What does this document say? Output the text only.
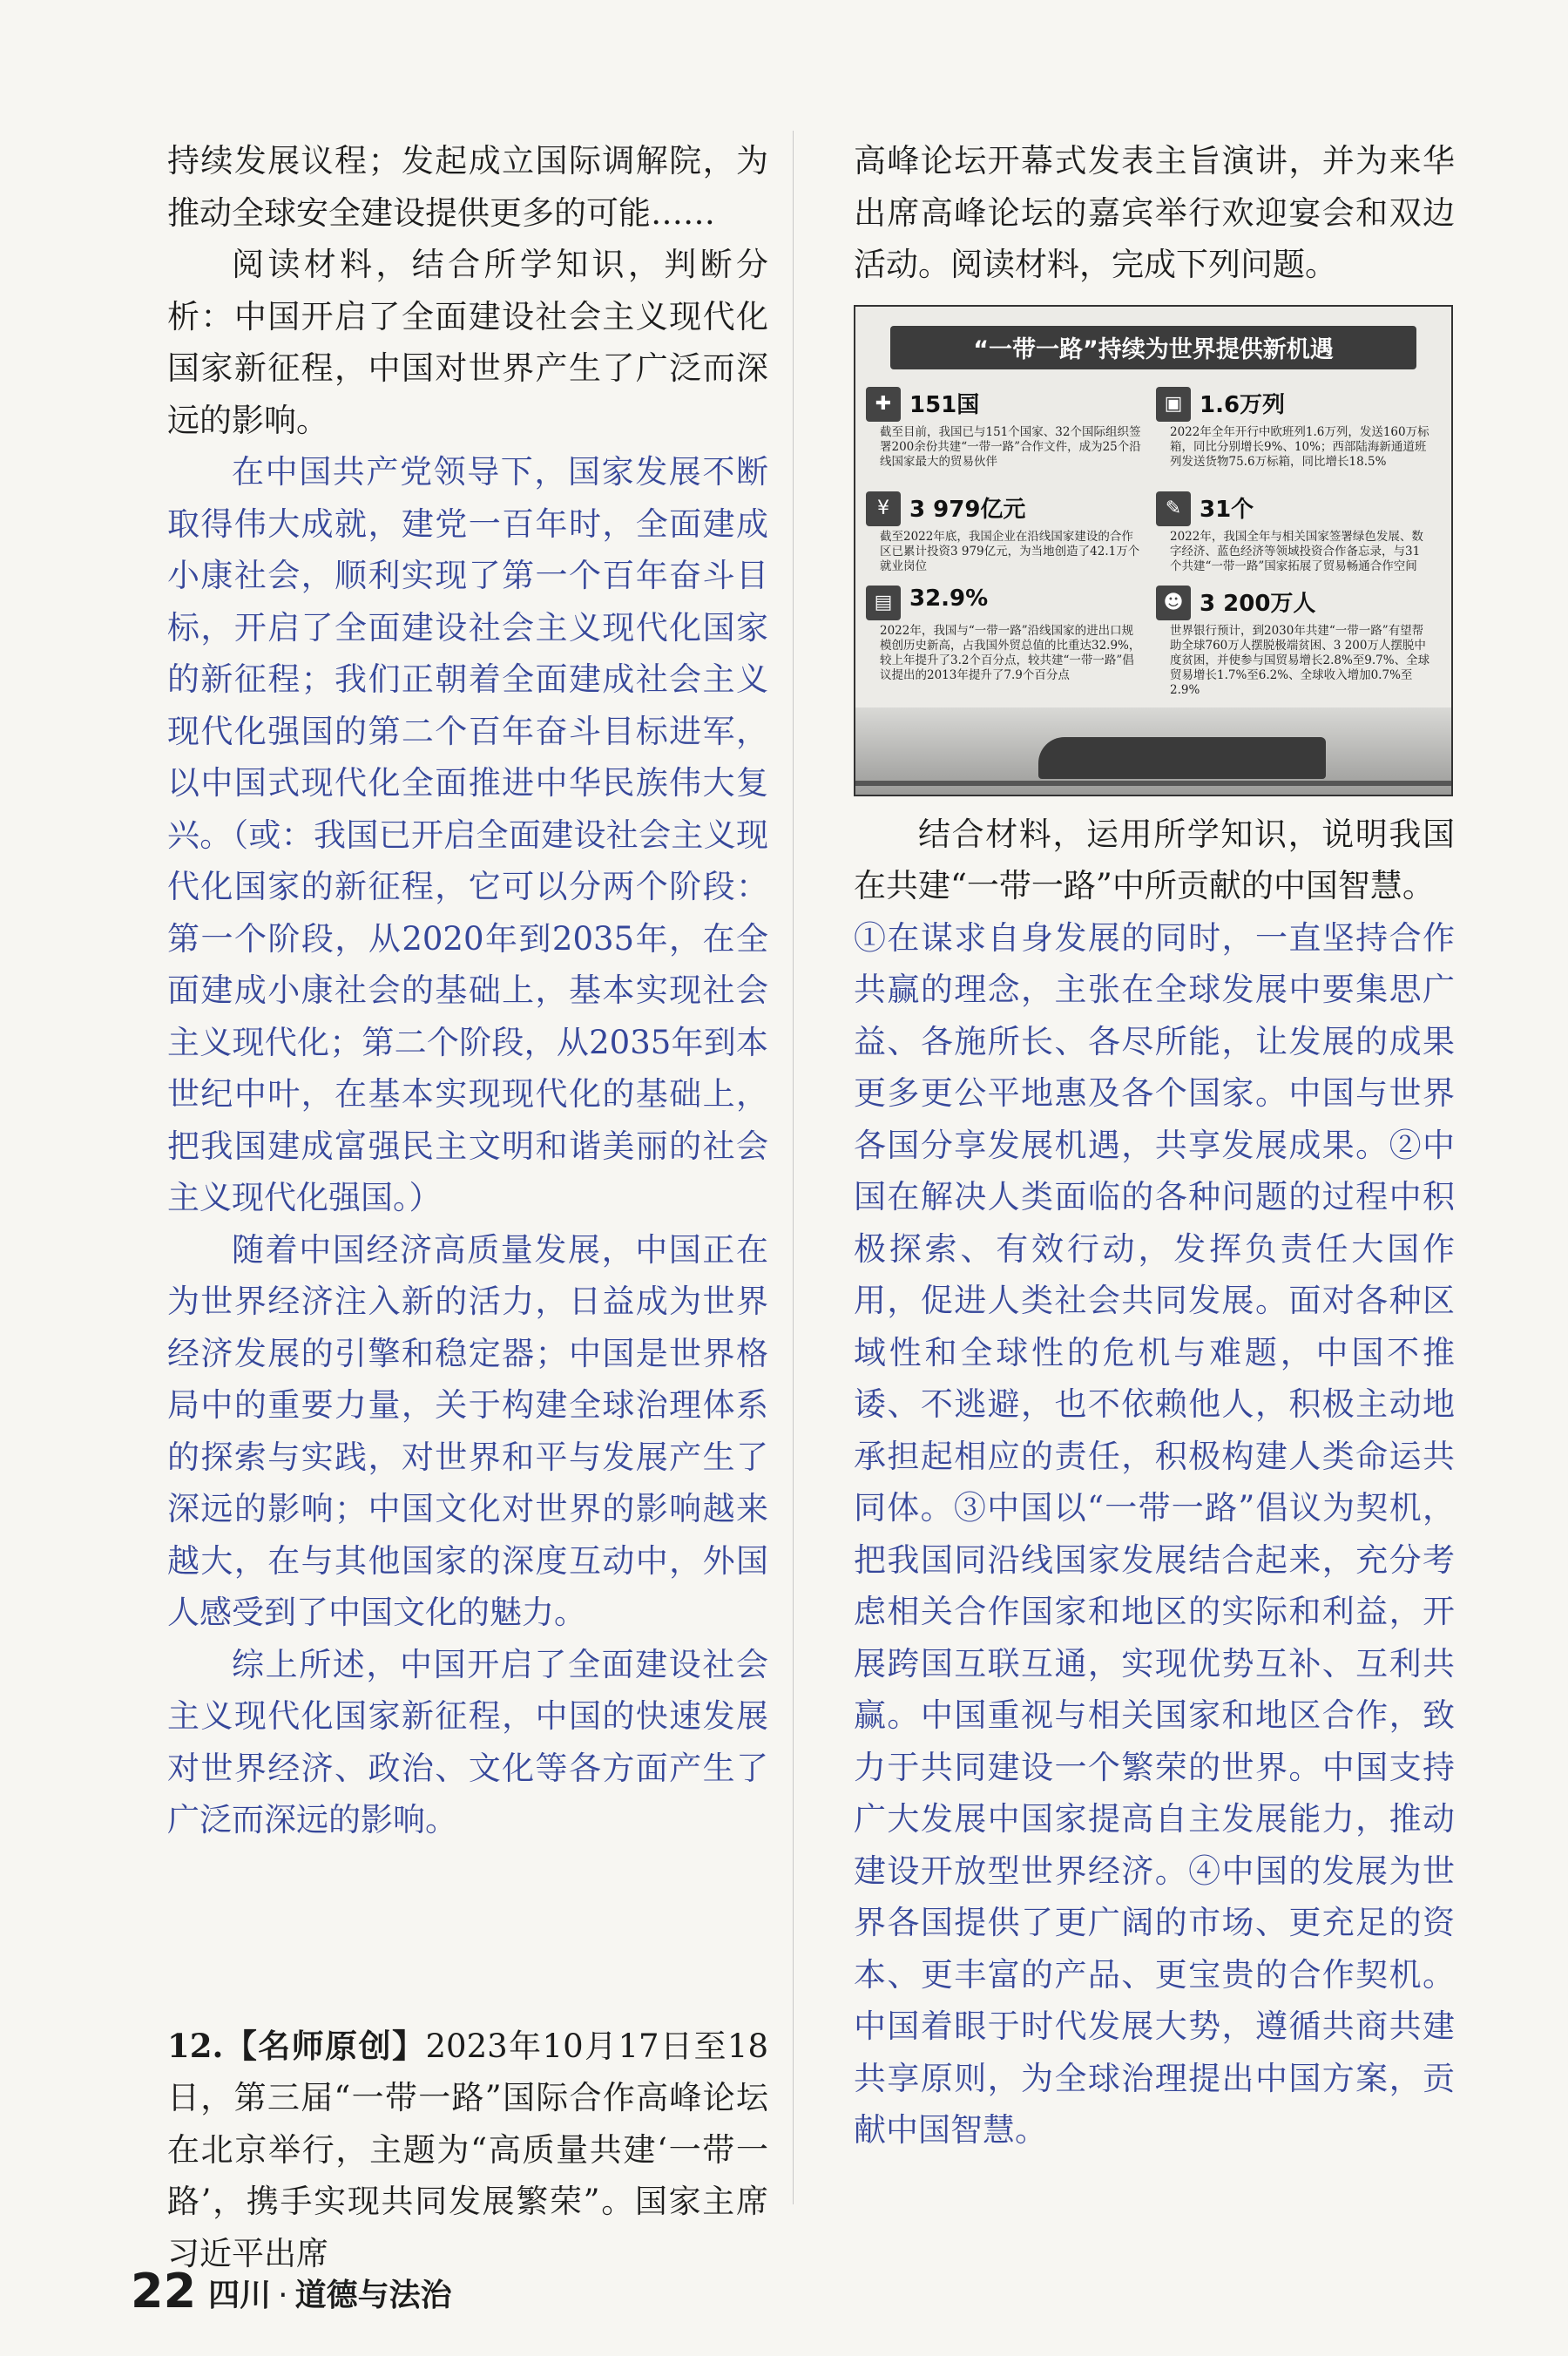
持续发展议程；发起成立国际调解院，为推动全球安全建设提供更多的可能……

阅读材料，结合所学知识，判断分析：中国开启了全面建设社会主义现代化国家新征程，中国对世界产生了广泛而深远的影响。

在中国共产党领导下，国家发展不断取得伟大成就，建党一百年时，全面建成小康社会，顺利实现了第一个百年奋斗目标，开启了全面建设社会主义现代化国家的新征程；我们正朝着全面建成社会主义现代化强国的第二个百年奋斗目标进军，以中国式现代化全面推进中华民族伟大复兴。（或：我国已开启全面建设社会主义现代化国家的新征程，它可以分两个阶段：第一个阶段，从2020年到2035年，在全面建成小康社会的基础上，基本实现社会主义现代化；第二个阶段，从2035年到本世纪中叶，在基本实现现代化的基础上，把我国建成富强民主文明和谐美丽的社会主义现代化强国。）

随着中国经济高质量发展，中国正在为世界经济注入新的活力，日益成为世界经济发展的引擎和稳定器；中国是世界格局中的重要力量，关于构建全球治理体系的探索与实践，对世界和平与发展产生了深远的影响；中国文化对世界的影响越来越大，在与其他国家的深度互动中，外国人感受到了中国文化的魅力。

综上所述，中国开启了全面建设社会主义现代化国家新征程，中国的快速发展对世界经济、政治、文化等各方面产生了广泛而深远的影响。

12.【名师原创】2023年10月17日至18日，第三届“一带一路”国际合作高峰论坛在北京举行，主题为“高质量共建‘一带一路’，携手实现共同发展繁荣”。国家主席习近平出席

高峰论坛开幕式发表主旨演讲，并为来华出席高峰论坛的嘉宾举行欢迎宴会和双边活动。阅读材料，完成下列问题。

“一带一路”持续为世界提供新机遇
✚ 151国
截至目前，我国已与151个国家、32个国际组织签署200余份共建“一带一路”合作文件，成为25个沿线国家最大的贸易伙伴
▣ 1.6万列
2022年全年开行中欧班列1.6万列，发送160万标箱，同比分别增长9%、10%；西部陆海新通道班列发送货物75.6万标箱，同比增长18.5%
¥ 3 979亿元
截至2022年底，我国企业在沿线国家建设的合作区已累计投资3 979亿元，为当地创造了42.1万个就业岗位
✎ 31个
2022年，我国全年与相关国家签署绿色发展、数字经济、蓝色经济等领域投资合作备忘录，与31个共建“一带一路”国家拓展了贸易畅通合作空间
▤ 32.9%
2022年，我国与“一带一路”沿线国家的进出口规模创历史新高，占我国外贸总值的比重达32.9%，较上年提升了3.2个百分点，较共建“一带一路”倡议提出的2013年提升了7.9个百分点
☻ 3 200万人
世界银行预计，到2030年共建“一带一路”有望帮助全球760万人摆脱极端贫困、3 200万人摆脱中度贫困，并使参与国贸易增长2.8%至9.7%、全球贸易增长1.7%至6.2%、全球收入增加0.7%至2.9%

结合材料，运用所学知识，说明我国在共建“一带一路”中所贡献的中国智慧。

①在谋求自身发展的同时，一直坚持合作共赢的理念，主张在全球发展中要集思广益、各施所长、各尽所能，让发展的成果更多更公平地惠及各个国家。中国与世界各国分享发展机遇，共享发展成果。②中国在解决人类面临的各种问题的过程中积极探索、有效行动，发挥负责任大国作用，促进人类社会共同发展。面对各种区域性和全球性的危机与难题，中国不推诿、不逃避，也不依赖他人，积极主动地承担起相应的责任，积极构建人类命运共同体。③中国以“一带一路”倡议为契机，把我国同沿线国家发展结合起来，充分考虑相关合作国家和地区的实际和利益，开展跨国互联互通，实现优势互补、互利共赢。中国重视与相关国家和地区合作，致力于共同建设一个繁荣的世界。中国支持广大发展中国家提高自主发展能力，推动建设开放型世界经济。④中国的发展为世界各国提供了更广阔的市场、更充足的资本、更丰富的产品、更宝贵的合作契机。中国着眼于时代发展大势，遵循共商共建共享原则，为全球治理提出中国方案，贡献中国智慧。

22 四川 · 道德与法治
